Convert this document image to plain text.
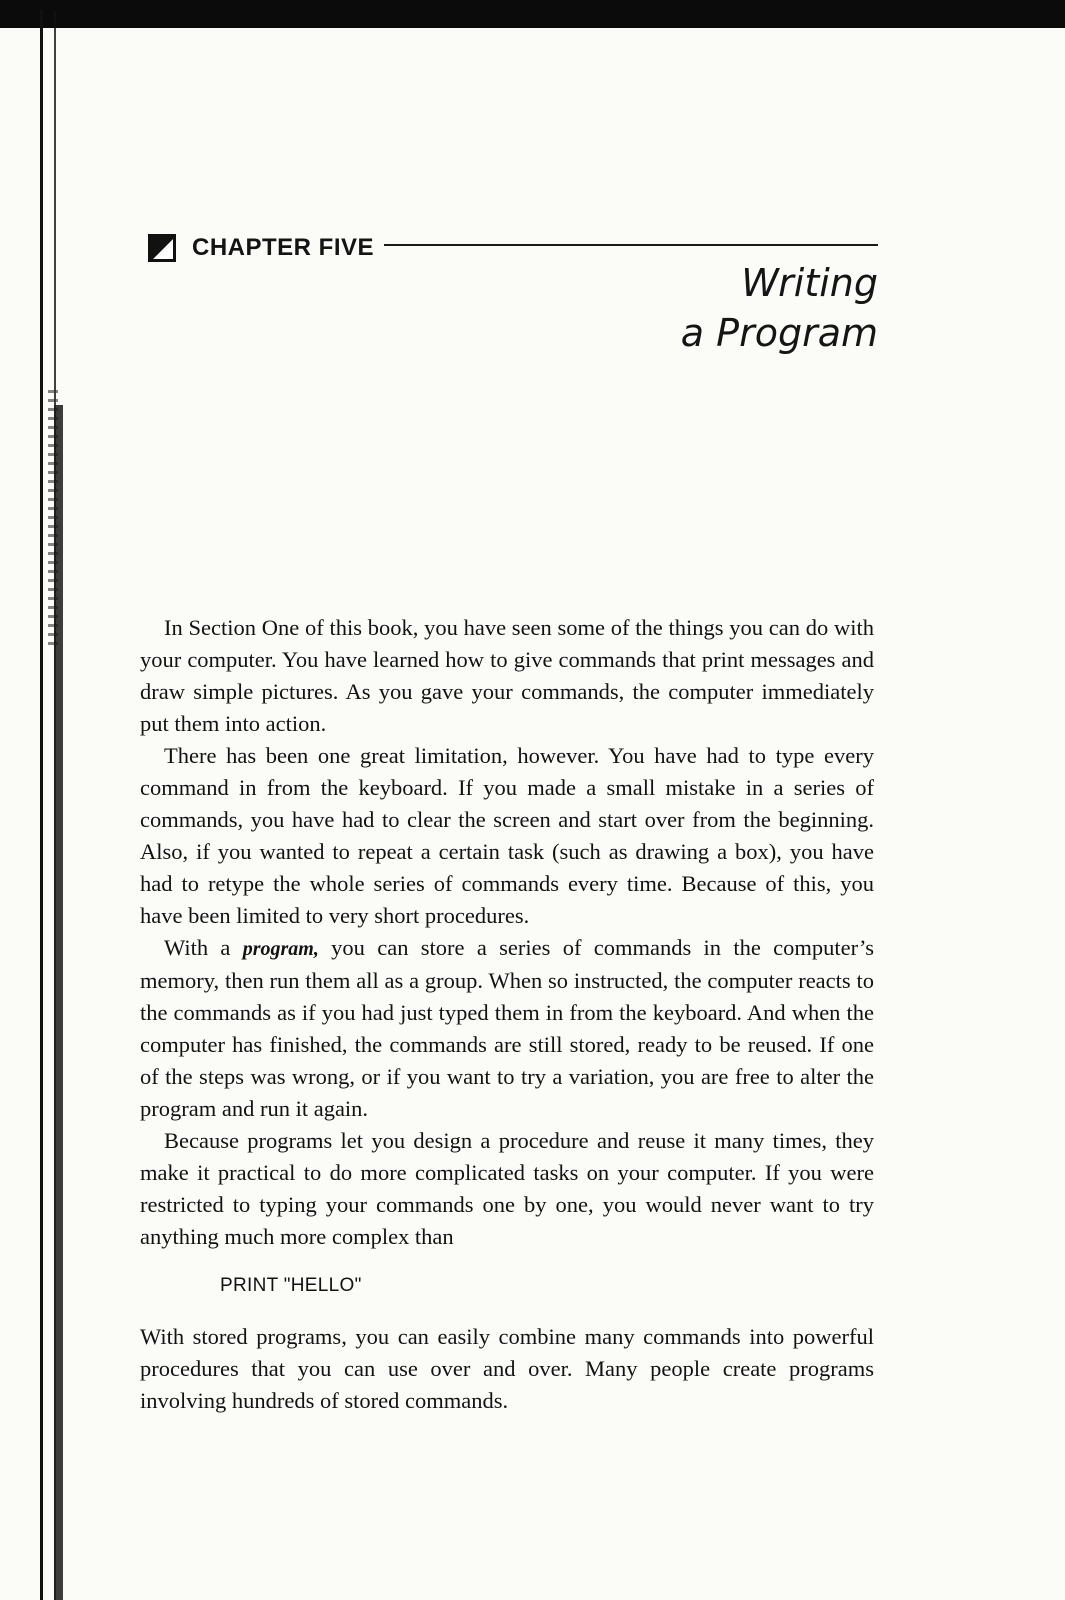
CHAPTER FIVE
Writing
a Program

In Section One of this book, you have seen some of the things you can do with your computer. You have learned how to give commands that print messages and draw simple pictures. As you gave your commands, the computer immediately put them into action.

There has been one great limitation, however. You have had to type every command in from the keyboard. If you made a small mistake in a series of commands, you have had to clear the screen and start over from the beginning. Also, if you wanted to repeat a certain task (such as drawing a box), you have had to retype the whole series of commands every time. Because of this, you have been limited to very short procedures.

With a program, you can store a series of commands in the computer’s memory, then run them all as a group. When so instructed, the computer reacts to the commands as if you had just typed them in from the keyboard. And when the computer has finished, the commands are still stored, ready to be reused. If one of the steps was wrong, or if you want to try a variation, you are free to alter the program and run it again.

Because programs let you design a procedure and reuse it many times, they make it practical to do more complicated tasks on your computer. If you were restricted to typing your commands one by one, you would never want to try anything much more complex than

PRINT "HELLO"

With stored programs, you can easily combine many commands into powerful procedures that you can use over and over. Many people create programs involving hundreds of stored commands.
